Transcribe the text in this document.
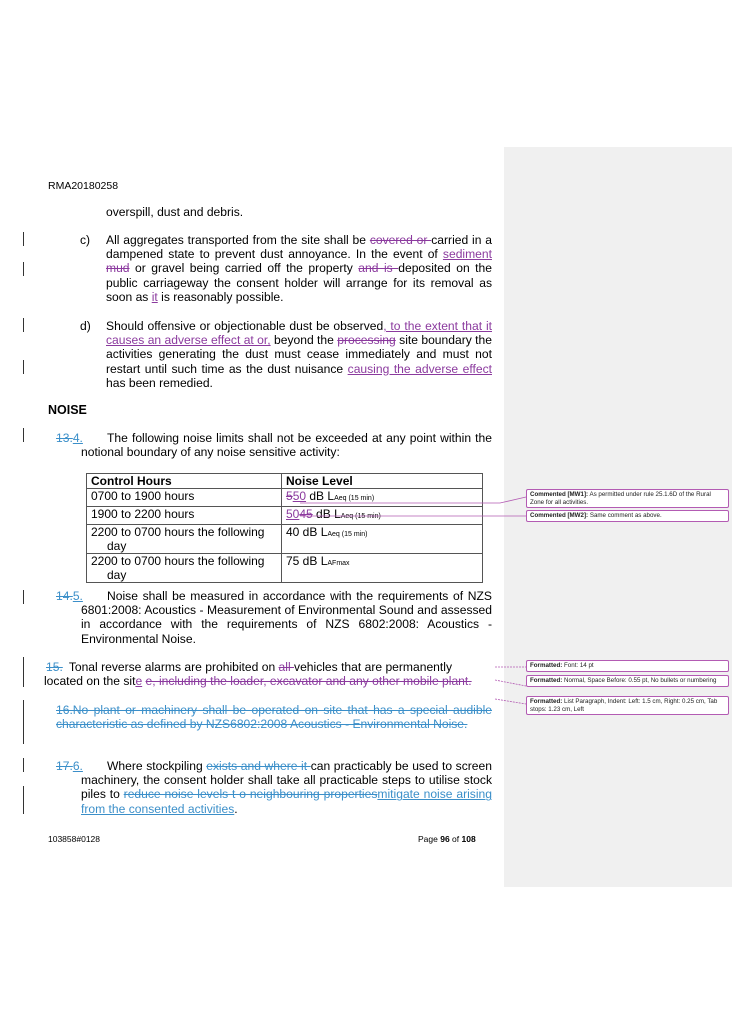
RMA20180258
overspill, dust and debris.
c) All aggregates transported from the site shall be covered or carried in a dampened state to prevent dust annoyance. In the event of sediment mud or gravel being carried off the property and is deposited on the public carriageway the consent holder will arrange for its removal as soon as it is reasonably possible.
d) Should offensive or objectionable dust be observed, to the extent that it causes an adverse effect at or, beyond the processing site boundary the activities generating the dust must cease immediately and must not restart until such time as the dust nuisance causing the adverse effect has been remedied.
NOISE
13.4.	The following noise limits shall not be exceeded at any point within the notional boundary of any noise sensitive activity:
Control Hours	Noise Level
0700 to 1900 hours	550 dB LAeq (15 min)
1900 to 2200 hours	5045 dB LAeq (15 min)

2200 to 0700 hours the following
day	40 dB LAeq (15 min)

2200 to 0700 hours the following
day	75 dB LAFmax
14.5.	Noise shall be measured in accordance with the requirements of NZS 6801:2008: Acoustics - Measurement of Environmental Sound and assessed in accordance with the requirements of NZS 6802:2008: Acoustics - Environmental Noise.
15. Tonal reverse alarms are prohibited on all vehicles that are permanently located on the site e, including the loader, excavator and any other mobile plant.
16.No plant or machinery shall be operated on site that has a special audible characteristic as defined by NZS6802:2008 Acoustics - Environmental Noise.
17.6.	Where stockpiling exists and where it can practicably be used to screen machinery, the consent holder shall take all practicable steps to utilise stock piles to reduce noise levels t o neighbouring propertiesmitigate noise arising from the consented activities.
103858#0128	Page 96 of 108
Commented [MW1]: As permitted under rule 25.1.6D of the Rural Zone for all activities.
Commented [MW2]: Same comment as above.
Formatted: Font: 14 pt
Formatted: Normal, Space Before: 0.55 pt, No bullets or numbering
Formatted: List Paragraph, Indent: Left: 1.5 cm, Right: 0.25 cm, Tab stops: 1.23 cm, Left
